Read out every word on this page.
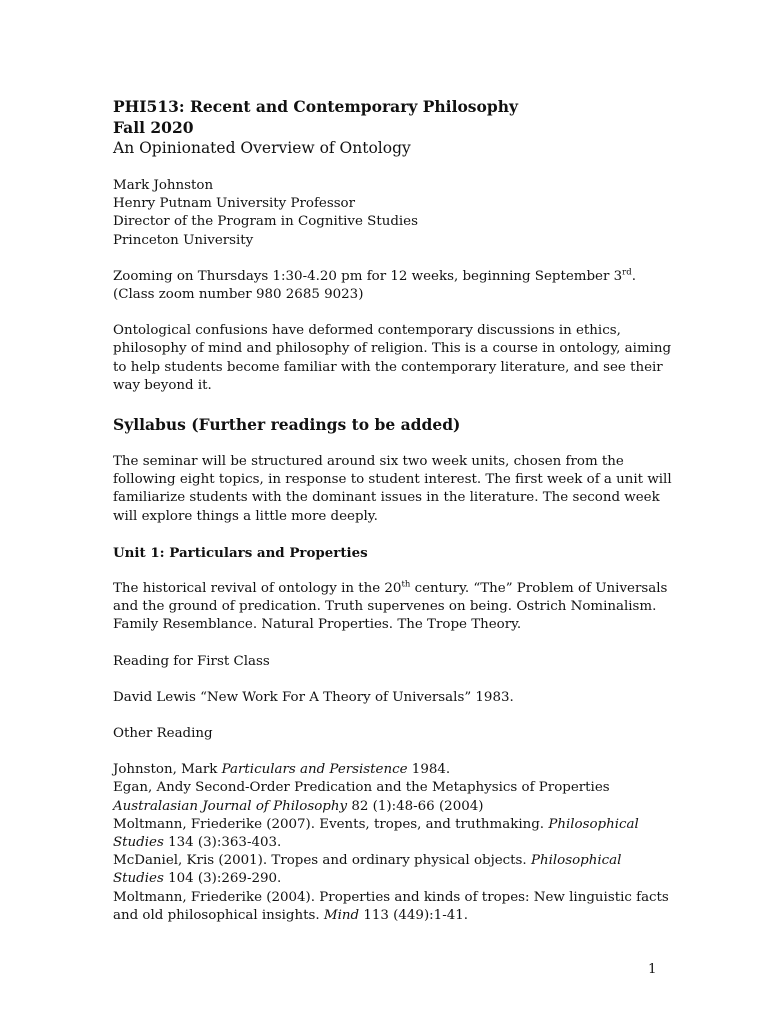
PHI513: Recent and Contemporary Philosophy

Fall 2020

An Opinionated Overview of Ontology

Mark Johnston

Henry Putnam University Professor

Director of the Program in Cognitive Studies

Princeton University

Zooming on Thursdays 1:30-4.20 pm for 12 weeks, beginning September 3rd. (Class zoom number 980 2685 9023)

Ontological confusions have deformed contemporary discussions in ethics, philosophy of mind and philosophy of religion. This is a course in ontology, aiming to help students become familiar with the contemporary literature, and see their way beyond it.

Syllabus (Further readings to be added)

The seminar will be structured around six two week units, chosen from the following eight topics, in response to student interest. The first week of a unit will familiarize students with the dominant issues in the literature. The second week will explore things a little more deeply.

Unit 1: Particulars and Properties

The historical revival of ontology in the 20th century. “The” Problem of Universals and the ground of predication. Truth supervenes on being. Ostrich Nominalism. Family Resemblance. Natural Properties. The Trope Theory.

Reading for First Class

David Lewis “New Work For A Theory of Universals” 1983.

Other Reading

Johnston, Mark Particulars and Persistence 1984.

Egan, Andy Second-Order Predication and the Metaphysics of Properties Australasian Journal of Philosophy 82 (1):48-66 (2004)

Moltmann, Friederike (2007). Events, tropes, and truthmaking. Philosophical Studies 134 (3):363-403.

McDaniel, Kris (2001). Tropes and ordinary physical objects. Philosophical Studies 104 (3):269-290.

Moltmann, Friederike (2004). Properties and kinds of tropes: New linguistic facts and old philosophical insights. Mind 113 (449):1-41.

1
